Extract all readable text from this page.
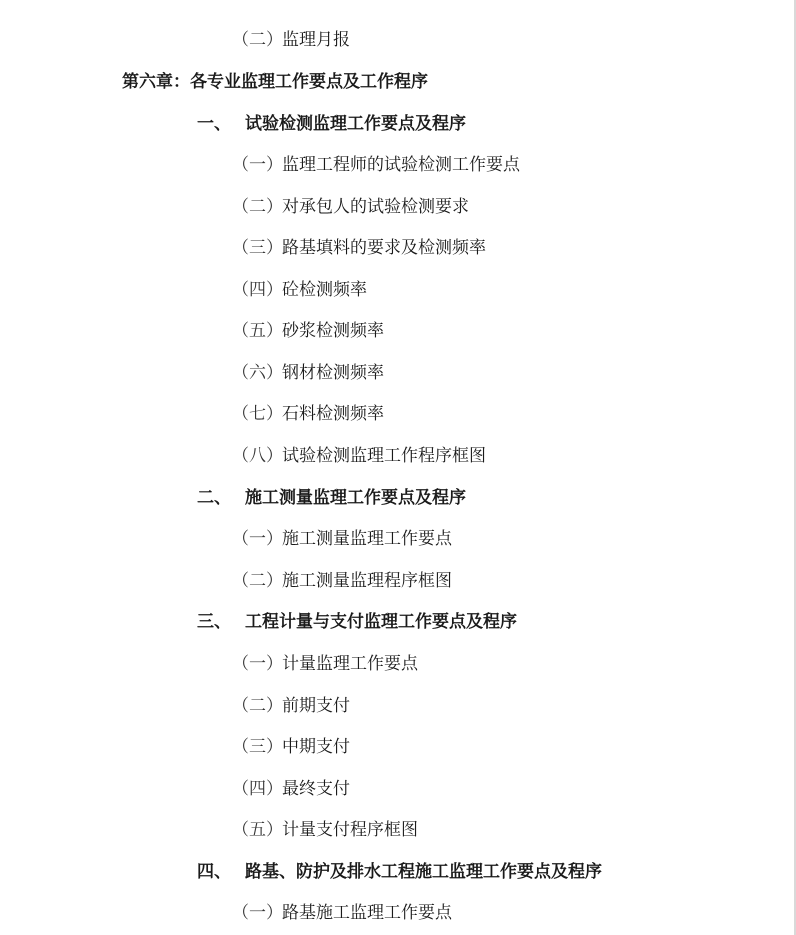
（二）监理月报
第六章：各专业监理工作要点及工作程序
一、 试验检测监理工作要点及程序
（一）监理工程师的试验检测工作要点
（二）对承包人的试验检测要求
（三）路基填料的要求及检测频率
（四）砼检测频率
（五）砂浆检测频率
（六）钢材检测频率
（七）石料检测频率
（八）试验检测监理工作程序框图
二、 施工测量监理工作要点及程序
（一）施工测量监理工作要点
（二）施工测量监理程序框图
三、 工程计量与支付监理工作要点及程序
（一）计量监理工作要点
（二）前期支付
（三）中期支付
（四）最终支付
（五）计量支付程序框图
四、 路基、防护及排水工程施工监理工作要点及程序
（一）路基施工监理工作要点
